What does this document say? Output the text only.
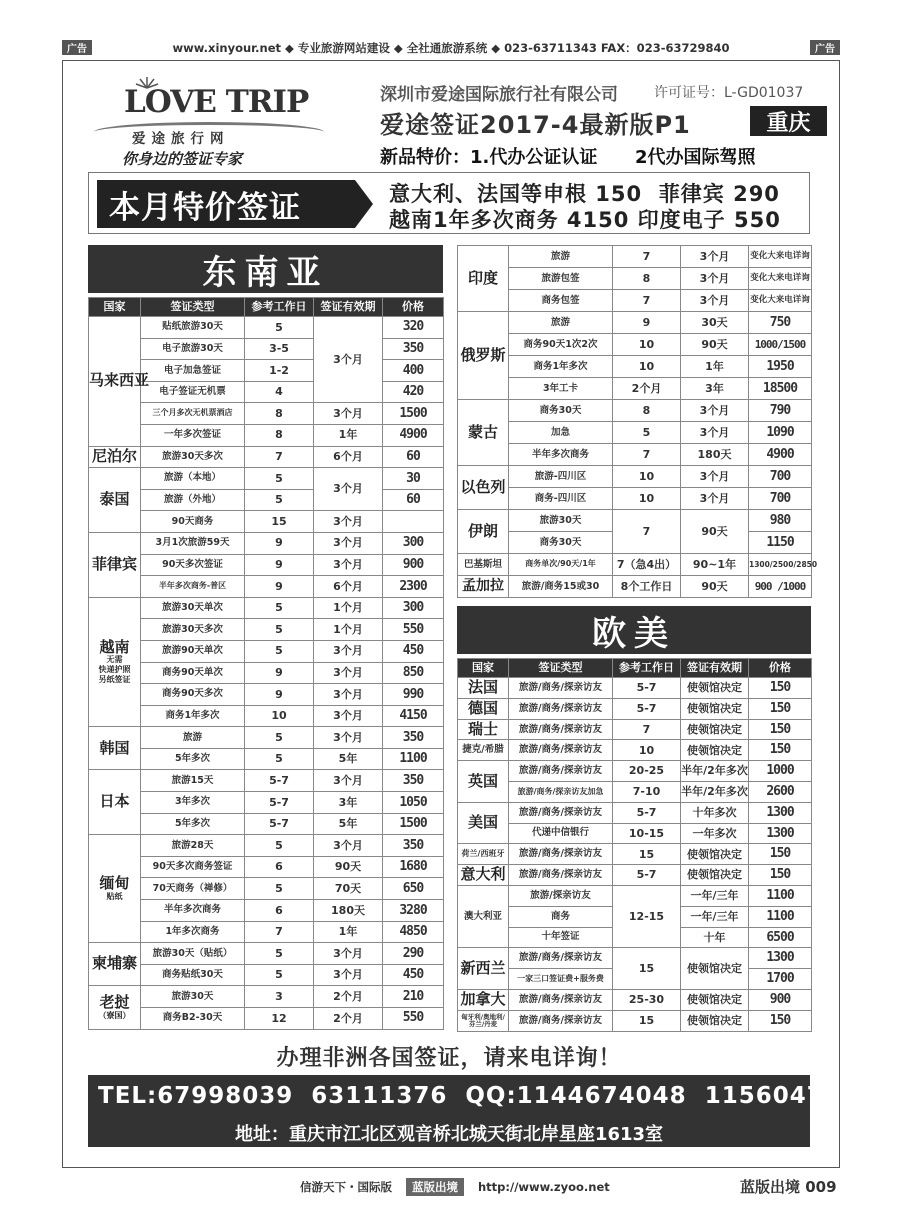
广告	广告
www.xinyour.net ◆ 专业旅游网站建设 ◆ 全社通旅游系统 ◆ 023-63711343 FAX：023-63729840
LOVE TRIP
爱途旅行网
你身边的签证专家
深圳市爱途国际旅行社有限公司	许可证号：L-GD01037
爱途签证2017-4最新版P1	重庆
新品特价：1.代办公证认证      2代办国际驾照
本月特价签证	意大利、法国等申根 150  菲律宾 290
越南1年多次商务 4150 印度电子 550
东南亚
国家	签证类型	参考工作日	签证有效期	价格
马来西亚	贴纸旅游30天	5	3个月	320
	电子旅游30天	3-5		350
	电子加急签证	1-2		400
	电子签证无机票	4		420
	三个月多次无机票酒店	8	3个月	1500
	一年多次签证	8	1年	4900
尼泊尔	旅游30天多次	7	6个月	60
泰国	旅游（本地）	5	3个月	30
	旅游（外地）	5		60
	90天商务	15	3个月	
菲律宾	3月1次旅游59天	9	3个月	300
	90天多次签证	9	3个月	900
	半年多次商务-普区	9	6个月	2300

越南
无需
快递护照
另纸签证	旅游30天单次	5	1个月	300
	旅游30天多次	5	1个月	550
	旅游90天单次	5	3个月	450
	商务90天单次	9	3个月	850
	商务90天多次	9	3个月	990
	商务1年多次	10	3个月	4150
韩国	旅游	5	3个月	350
	5年多次	5	5年	1100
日本	旅游15天	5-7	3个月	350
	3年多次	5-7	3年	1050
	5年多次	5-7	5年	1500

缅甸
贴纸	旅游28天	5	3个月	350
	90天多次商务签证	6	90天	1680
	70天商务（禅修）	5	70天	650
	半年多次商务	6	180天	3280
	1年多次商务	7	1年	4850
柬埔寨	旅游30天（贴纸）	5	3个月	290
	商务贴纸30天	5	3个月	450

老挝
（寮国）	旅游30天	3	2个月	210
	商务B2-30天	12	2个月	550
印度	旅游	7	3个月	变化大来电详询
	旅游包签	8	3个月	变化大来电详询
	商务包签	7	3个月	变化大来电详询
俄罗斯	旅游	9	30天	750
	商务90天1次2次	10	90天	1000/1500
	商务1年多次	10	1年	1950
	3年工卡	2个月	3年	18500
蒙古	商务30天	8	3个月	790
	加急	5	3个月	1090
	半年多次商务	7	180天	4900
以色列	旅游-四川区	10	3个月	700
	商务-四川区	10	3个月	700
伊朗	旅游30天	7	90天	980
	商务30天			1150
巴基斯坦	商务单次/90天/1年	7（急4出）	90~1年	1300/2500/2850
孟加拉	旅游/商务15或30	8个工作日	90天	900 /1000
欧美
国家	签证类型	参考工作日	签证有效期	价格
法国	旅游/商务/探亲访友	5-7	使领馆决定	150
德国	旅游/商务/探亲访友	5-7	使领馆决定	150
瑞士	旅游/商务/探亲访友	7	使领馆决定	150
捷克/希腊	旅游/商务/探亲访友	10	使领馆决定	150
英国	旅游/商务/探亲访友	20-25	半年/2年多次	1000
	旅游/商务/探亲访友加急	7-10	半年/2年多次	2600
美国	旅游/商务/探亲访友	5-7	十年多次	1300
	代递中信银行	10-15	一年多次	1300
荷兰/西班牙	旅游/商务/探亲访友	15	使领馆决定	150
意大利	旅游/商务/探亲访友	5-7	使领馆决定	150
澳大利亚	旅游/探亲访友	12-15	一年/三年	1100
	商务		一年/三年	1100
	十年签证		十年	6500
新西兰	旅游/商务/探亲访友	15	使领馆决定	1300
	一家三口签证费+服务费			1700
加拿大	旅游/商务/探亲访友	25-30	使领馆决定	900
匈牙利/奥地利/芬兰/丹麦	旅游/商务/探亲访友	15	使领馆决定	150
办理非洲各国签证，请来电详询！
TEL:67998039  63111376  QQ:1144674048  1156047434
地址：重庆市江北区观音桥北城天街北岸星座1613室
信游天下・国际版	蓝版出境	http://www.zyoo.net	蓝版出境 009
